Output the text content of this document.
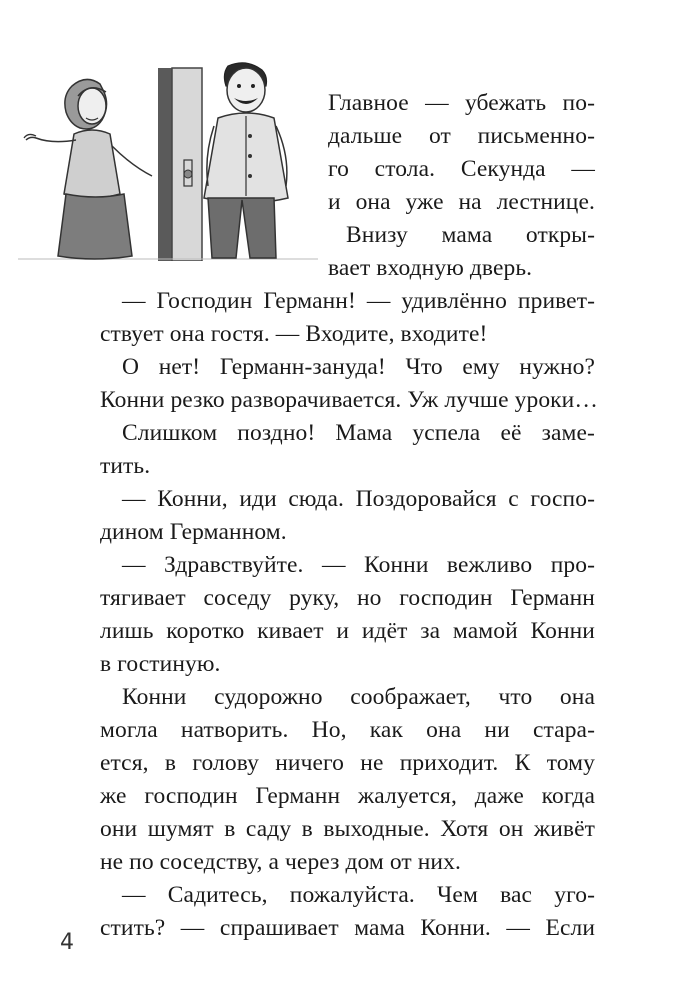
Главное — убежать по-
дальше от письменно-
го стола. Секунда —
и она уже на лестнице.
Внизу мама откры-
вает входную дверь.
— Господин Германн! — удивлённо привет-
ствует она гостя. — Входите, входите!
О нет! Германн-зануда! Что ему нужно?
Конни резко разворачивается. Уж лучше уроки…
Слишком поздно! Мама успела её заме-
тить.
— Конни, иди сюда. Поздоровайся с госпо-
дином Германном.
— Здравствуйте. — Конни вежливо про-
тягивает соседу руку, но господин Германн
лишь коротко кивает и идёт за мамой Конни
в гостиную.
Конни судорожно соображает, что она
могла натворить. Но, как она ни стара-
ется, в голову ничего не приходит. К тому
же господин Германн жалуется, даже когда
они шумят в саду в выходные. Хотя он живёт
не по соседству, а через дом от них.
— Садитесь, пожалуйста. Чем вас уго-
стить? — спрашивает мама Конни. — Если
4
